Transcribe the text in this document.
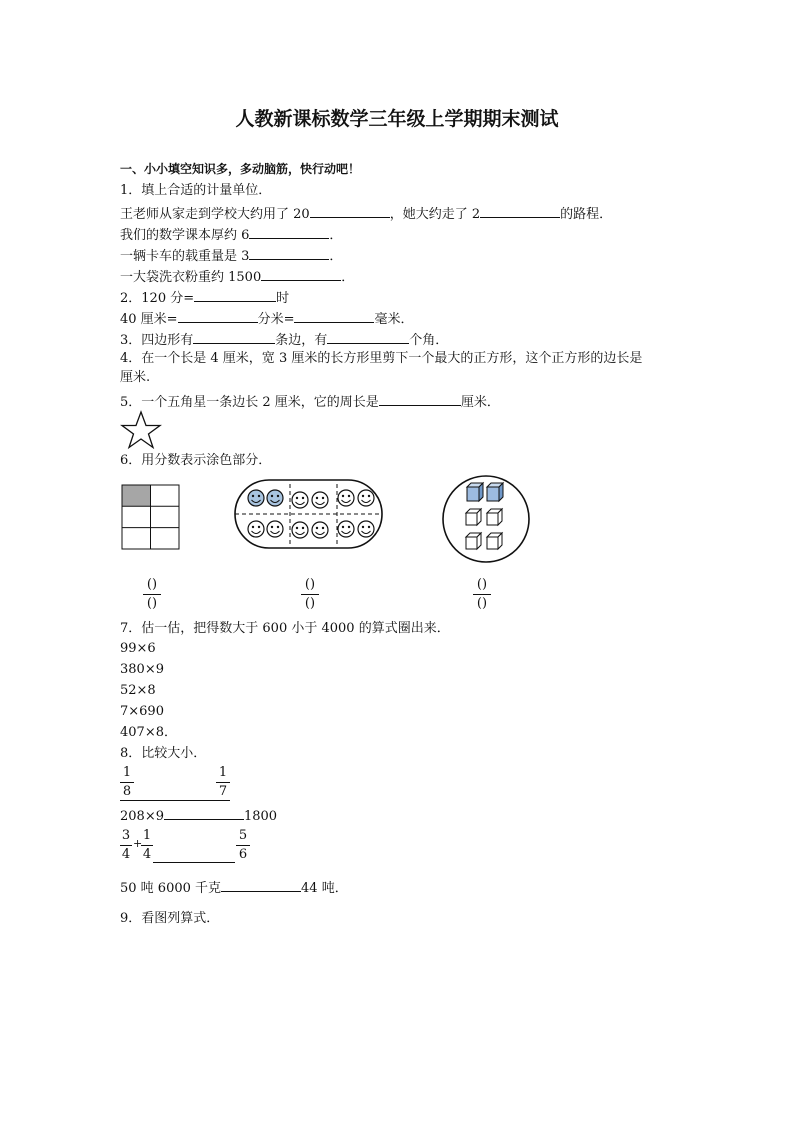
人教新课标数学三年级上学期期末测试
一、小小填空知识多，多动脑筋，快行动吧！
1．填上合适的计量单位．
王老师从家走到学校大约用了 20	，她大约走了 2	的路程．
我们的数学课本厚约 6	．
一辆卡车的载重量是 3	．
一大袋洗衣粉重约 1500	．
2．120 分=	时
40 厘米=	分米=	毫米．
3．四边形有	条边，有	个角．
4．在一个长是 4 厘米，宽 3 厘米的长方形里剪下一个最大的正方形，这个正方形的边长是
厘米.
5．一个五角星一条边长 2 厘米，它的周长是	厘米．
6．用分数表示涂色部分．
()
()
()
()
()
()
7．估一估，把得数大于 600 小于 4000 的算式圈出来．
99×6
380×9
52×8
7×690
407×8．
8．比较大小．
1
8
1
7
208×9	1800
3
4
+
1
4
5
6
50 吨 6000 千克	44 吨．
9．看图列算式．
